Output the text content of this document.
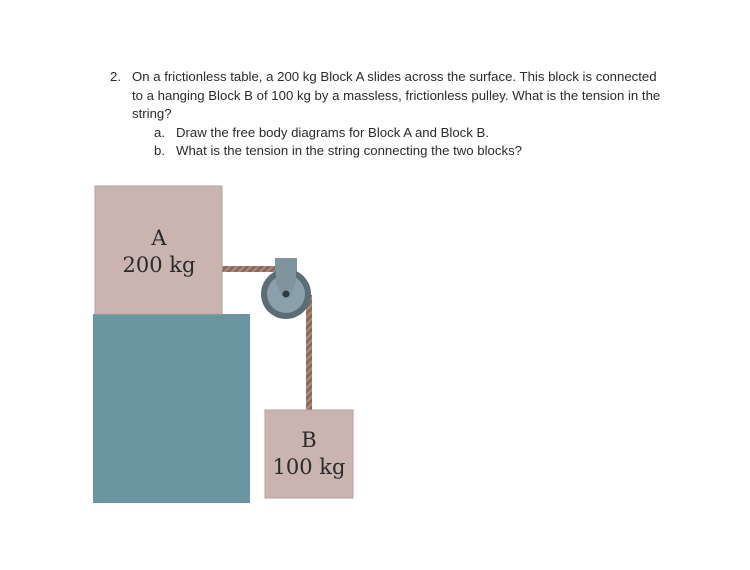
2. On a frictionless table, a 200 kg Block A slides across the surface. This block is connected to a hanging Block B of 100 kg by a massless, frictionless pulley. What is the tension in the string?
a. Draw the free body diagrams for Block A and Block B.
b. What is the tension in the string connecting the two blocks?
A
200 kg
B
100 kg
